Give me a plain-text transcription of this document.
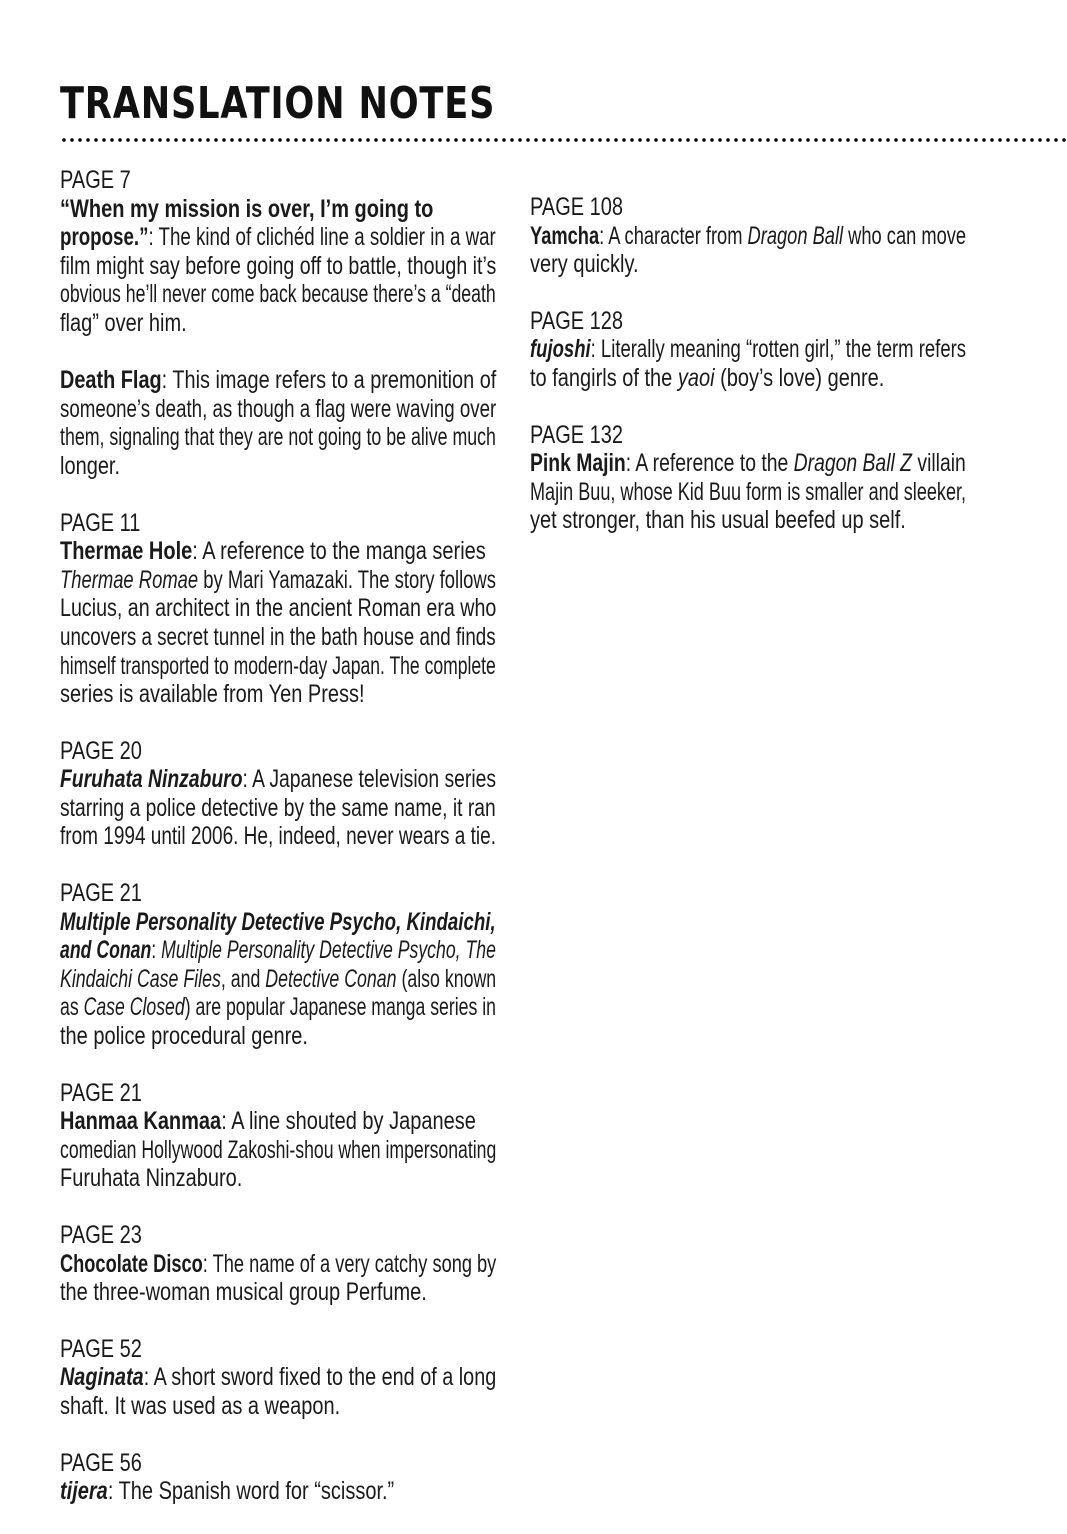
TRANSLATION NOTES
PAGE 7
“When my mission is over, I’m going to
propose.”: The kind of clichéd line a soldier in a war
film might say before going off to battle, though it’s
obvious he’ll never come back because there’s a “death
flag” over him.

Death Flag: This image refers to a premonition of
someone’s death, as though a flag were waving over
them, signaling that they are not going to be alive much
longer.
PAGE 11
Thermae Hole: A reference to the manga series
Thermae Romae by Mari Yamazaki. The story follows
Lucius, an architect in the ancient Roman era who
uncovers a secret tunnel in the bath house and finds
himself transported to modern-day Japan. The complete
series is available from Yen Press!
PAGE 20
Furuhata Ninzaburo: A Japanese television series
starring a police detective by the same name, it ran
from 1994 until 2006. He, indeed, never wears a tie.
PAGE 21
Multiple Personality Detective Psycho, Kindaichi,
and Conan: Multiple Personality Detective Psycho, The
Kindaichi Case Files, and Detective Conan (also known
as Case Closed) are popular Japanese manga series in
the police procedural genre.
PAGE 21
Hanmaa Kanmaa: A line shouted by Japanese
comedian Hollywood Zakoshi-shou when impersonating
Furuhata Ninzaburo.
PAGE 23
Chocolate Disco: The name of a very catchy song by
the three-woman musical group Perfume.
PAGE 52
Naginata: A short sword fixed to the end of a long
shaft. It was used as a weapon.
PAGE 56
tijera: The Spanish word for “scissor.”
PAGE 108
Yamcha: A character from Dragon Ball who can move
very quickly.
PAGE 128
fujoshi: Literally meaning “rotten girl,” the term refers
to fangirls of the yaoi (boy’s love) genre.
PAGE 132
Pink Majin: A reference to the Dragon Ball Z villain
Majin Buu, whose Kid Buu form is smaller and sleeker,
yet stronger, than his usual beefed up self.
